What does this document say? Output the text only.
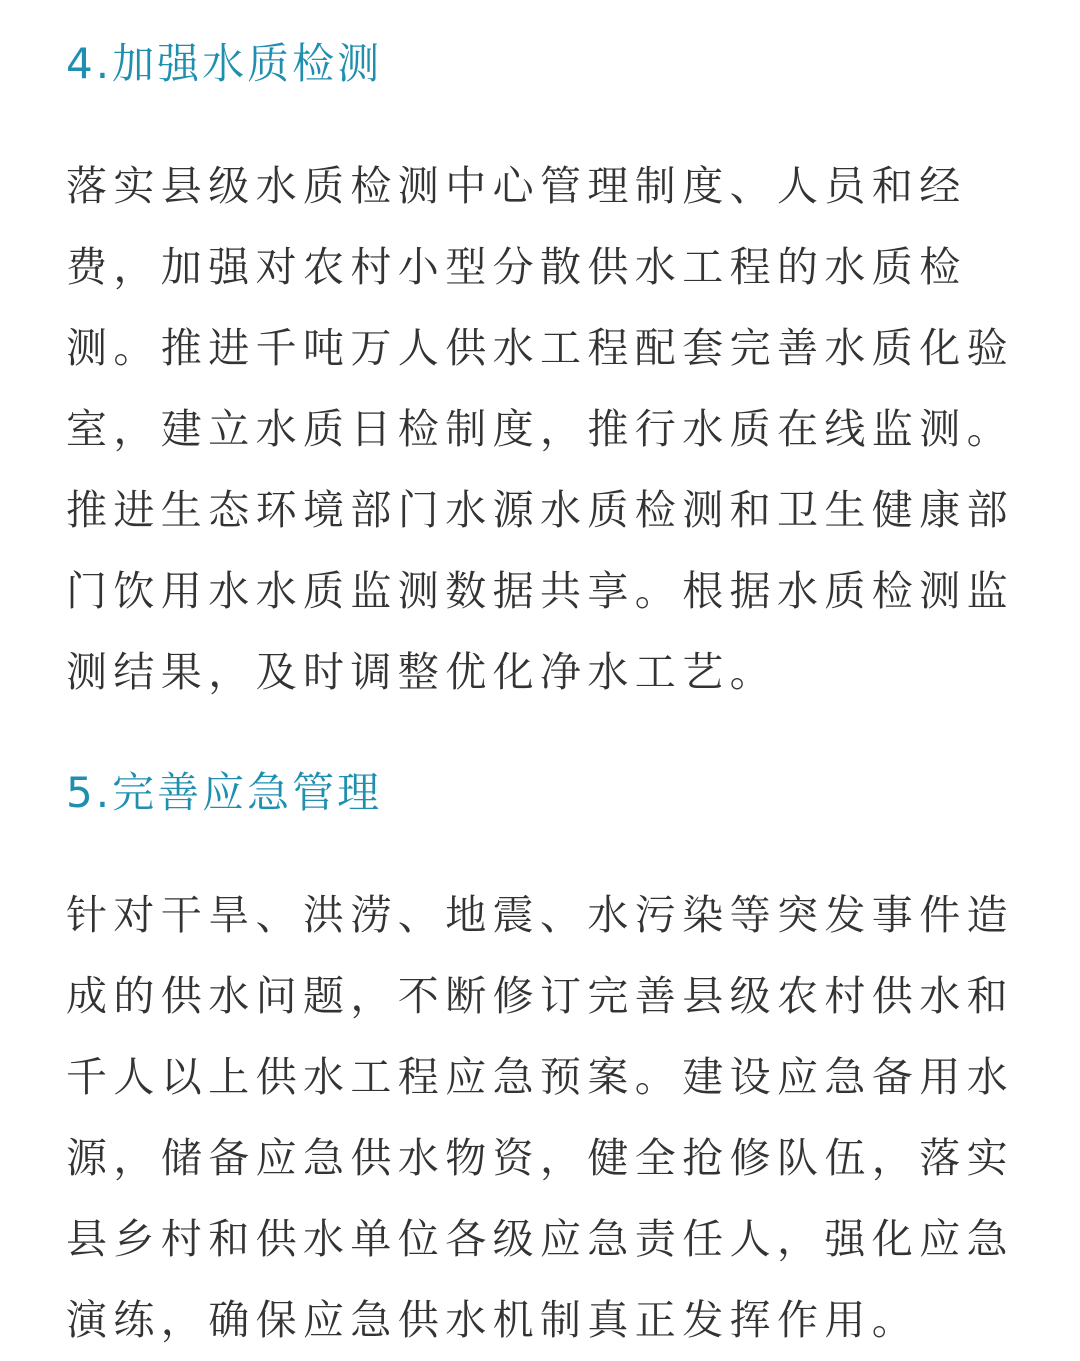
4.加强水质检测

落实县级水质检测中心管理制度、人员和经
费，加强对农村小型分散供水工程的水质检
测。推进千吨万人供水工程配套完善水质化验
室，建立水质日检制度，推行水质在线监测。
推进生态环境部门水源水质检测和卫生健康部
门饮用水水质监测数据共享。根据水质检测监
测结果，及时调整优化净水工艺。

5.完善应急管理

针对干旱、洪涝、地震、水污染等突发事件造
成的供水问题，不断修订完善县级农村供水和
千人以上供水工程应急预案。建设应急备用水
源，储备应急供水物资，健全抢修队伍，落实
县乡村和供水单位各级应急责任人，强化应急
演练，确保应急供水机制真正发挥作用。
